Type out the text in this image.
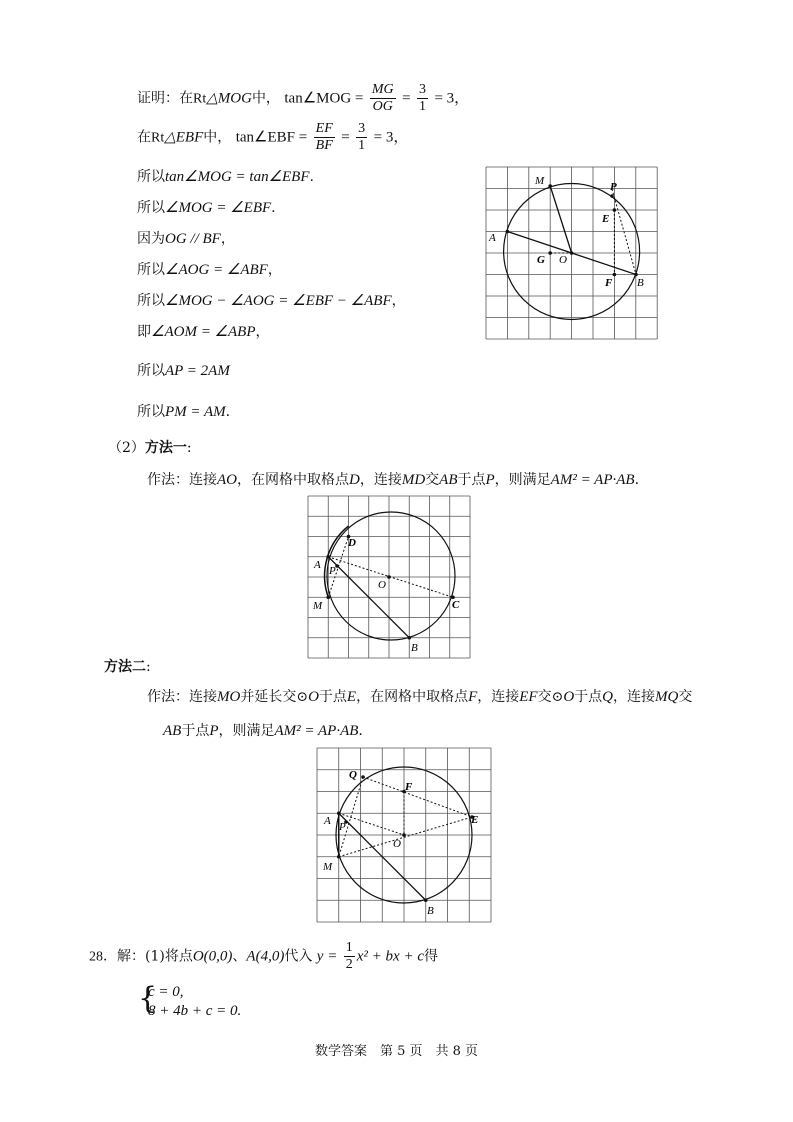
证明：在Rt△MOG中， tan∠MOG = $\frac{MG}{OG} = \frac{3}{1} = 3$，
在Rt△EBF中， tan∠EBF = $\frac{EF}{BF} = \frac{3}{1} = 3$，
所以tan∠MOG = tan∠EBF.
所以∠MOG = ∠EBF.
因为OG // BF，
所以∠AOG = ∠ABF，
所以∠MOG − ∠AOG = ∠EBF − ∠ABF，
即∠AOM = ∠ABP，
所以AP = 2AM
所以PM = AM.
M	P
E
A
G O
F B
（2）方法一:
作法：连接AO，在网格中取格点D，连接MD交AB于点P，则满足AM² = AP·AB.
D
A P
O
M	C
B
方法二:
作法：连接MO并延长交⊙O于点E，在网格中取格点F，连接EF交⊙O于点Q，连接MQ交
AB于点P，则满足AM² = AP·AB.
Q
F
A P
E
O
M
B
28．解：(1)将点O(0,0)、A(4,0)代入 $y = \frac{1}{2} x^2$ + bx + c得
{
c = 0,
8 + 4b + c = 0.
数学答案　第 5 页　共 8 页
